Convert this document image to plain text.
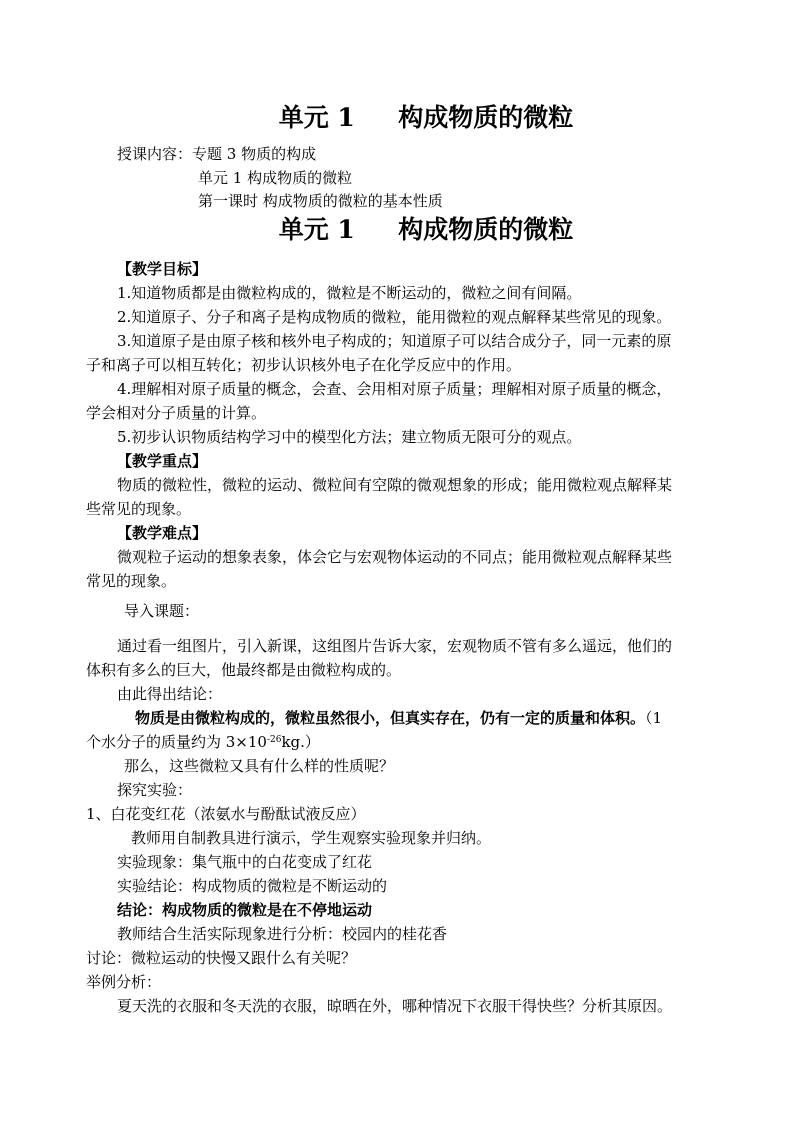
单元 1     构成物质的微粒
授课内容：专题 3 物质的构成
单元 1 构成物质的微粒
第一课时 构成物质的微粒的基本性质
单元 1     构成物质的微粒
【教学目标】
1.知道物质都是由微粒构成的，微粒是不断运动的，微粒之间有间隔。
2.知道原子、分子和离子是构成物质的微粒，能用微粒的观点解释某些常见的现象。
3.知道原子是由原子核和核外电子构成的；知道原子可以结合成分子，同一元素的原
子和离子可以相互转化；初步认识核外电子在化学反应中的作用。
4.理解相对原子质量的概念，会查、会用相对原子质量；理解相对原子质量的概念，
学会相对分子质量的计算。
5.初步认识物质结构学习中的模型化方法；建立物质无限可分的观点。
【教学重点】
物质的微粒性，微粒的运动、微粒间有空隙的微观想象的形成；能用微粒观点解释某
些常见的现象。
【教学难点】
微观粒子运动的想象表象，体会它与宏观物体运动的不同点；能用微粒观点解释某些
常见的现象。
导入课题：
通过看一组图片，引入新课，这组图片告诉大家，宏观物质不管有多么遥远，他们的
体积有多么的巨大，他最终都是由微粒构成的。
由此得出结论：
物质是由微粒构成的，微粒虽然很小，但真实存在，仍有一定的质量和体积。（1
个水分子的质量约为 $3\times 10^{-26}kg$.）
那么，这些微粒又具有什么样的性质呢？
探究实验：
1、白花变红花（浓氨水与酚酞试液反应）
教师用自制教具进行演示，学生观察实验现象并归纳。
实验现象：集气瓶中的白花变成了红花
实验结论：构成物质的微粒是不断运动的
结论：构成物质的微粒是在不停地运动
教师结合生活实际现象进行分析：校园内的桂花香
讨论：微粒运动的快慢又跟什么有关呢？
举例分析：
夏天洗的衣服和冬天洗的衣服，晾晒在外，哪种情况下衣服干得快些？分析其原因。
